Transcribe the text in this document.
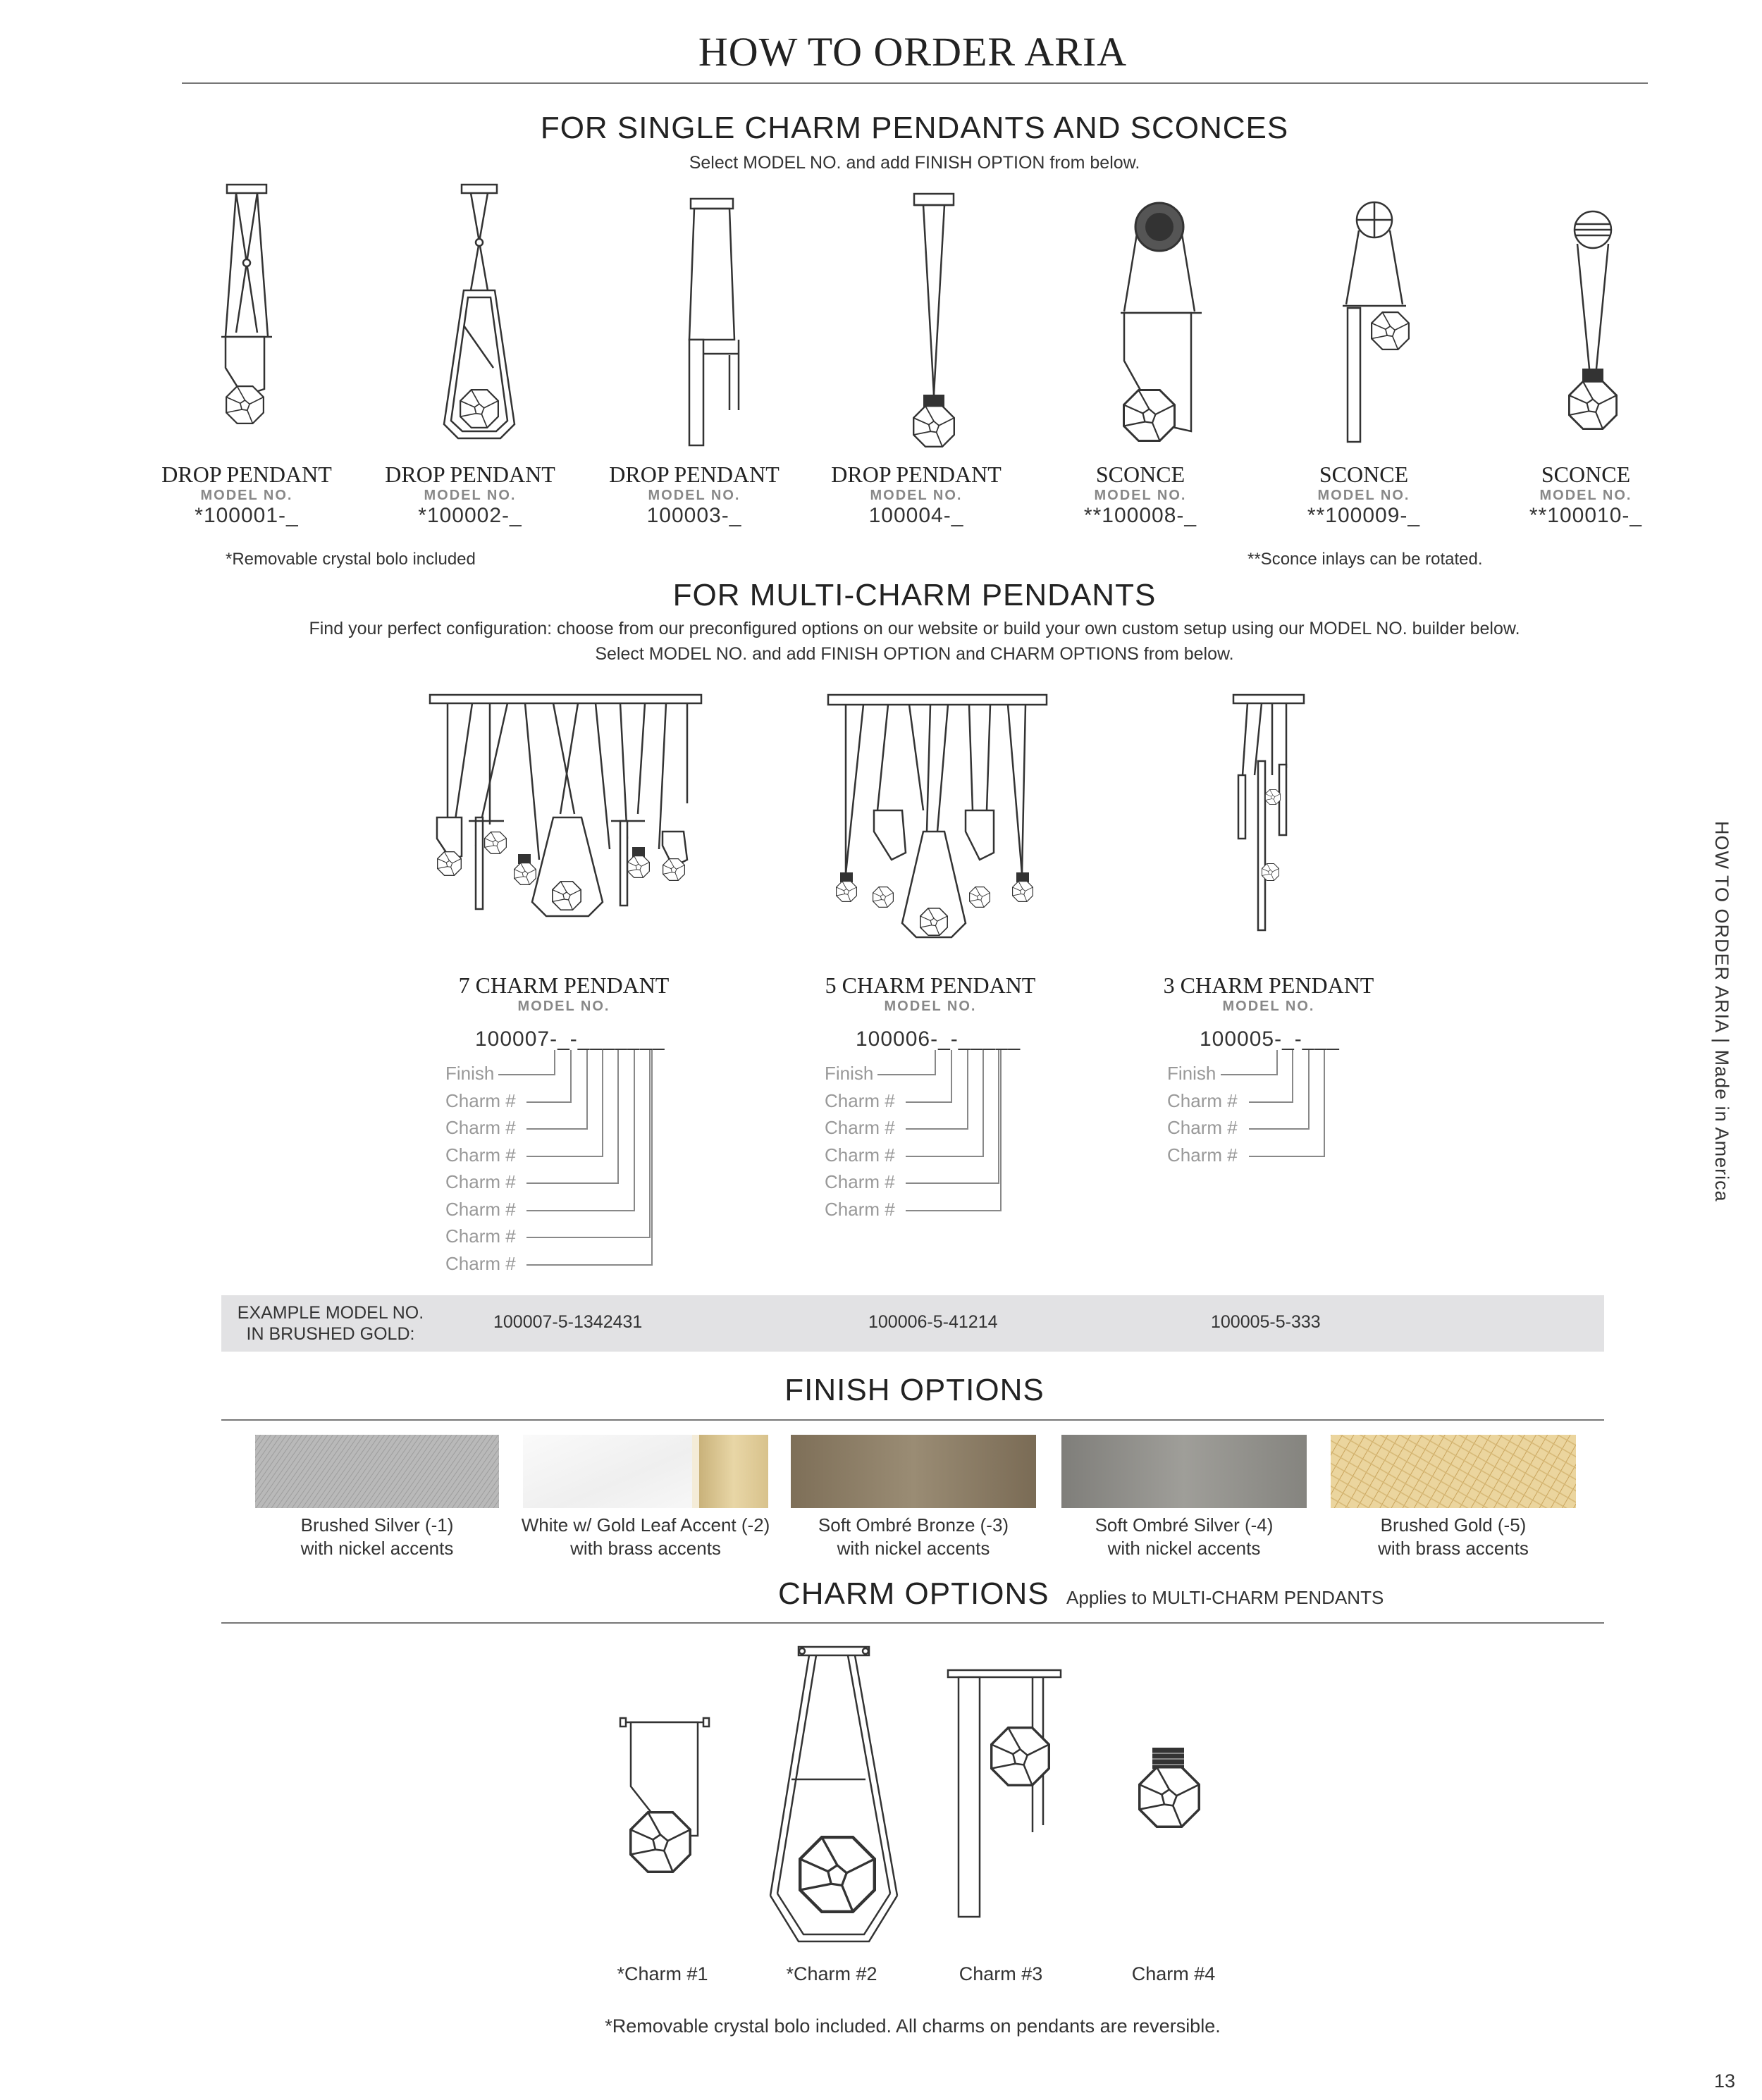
HOW TO ORDER ARIA
HOW TO ORDER ARIA | Made in America
13
FOR SINGLE CHARM PENDANTS AND SCONCES
Select MODEL NO. and add FINISH OPTION from below.
DROP PENDANT
MODEL NO.
*100001-_
DROP PENDANT
MODEL NO.
*100002-_
DROP PENDANT
MODEL NO.
100003-_
DROP PENDANT
MODEL NO.
100004-_
SCONCE
MODEL NO.
**100008-_
SCONCE
MODEL NO.
**100009-_
SCONCE
MODEL NO.
**100010-_
*Removable crystal bolo included	**Sconce inlays can be rotated.
FOR MULTI-CHARM PENDANTS
Find your perfect configuration: choose from our preconfigured options on our website or build your own custom setup using our MODEL NO. builder below.
Select MODEL NO. and add FINISH OPTION and CHARM OPTIONS from below.
7 CHARM PENDANT
MODEL NO.
100007-_-_______
5 CHARM PENDANT
MODEL NO.
100006-_-_____
3 CHARM PENDANT
MODEL NO.
100005-_-___
Finish
Charm #
Charm #
Charm #
Charm #
Charm #
Charm #
Charm #
Finish
Charm #
Charm #
Charm #
Charm #
Charm #
Finish
Charm #
Charm #
Charm #
EXAMPLE MODEL NO.
IN BRUSHED GOLD:
100007-5-1342431	100006-5-41214	100005-5-333
FINISH OPTIONS
Brushed Silver (-1)
with nickel accents
White w/ Gold Leaf Accent (-2)
with brass accents
Soft Ombré Bronze (-3)
with nickel accents
Soft Ombré Silver (-4)
with nickel accents
Brushed Gold (-5)
with brass accents
CHARM OPTIONS Applies to MULTI-CHARM PENDANTS
*Charm #1	*Charm #2	Charm #3	Charm #4
*Removable crystal bolo included. All charms on pendants are reversible.
